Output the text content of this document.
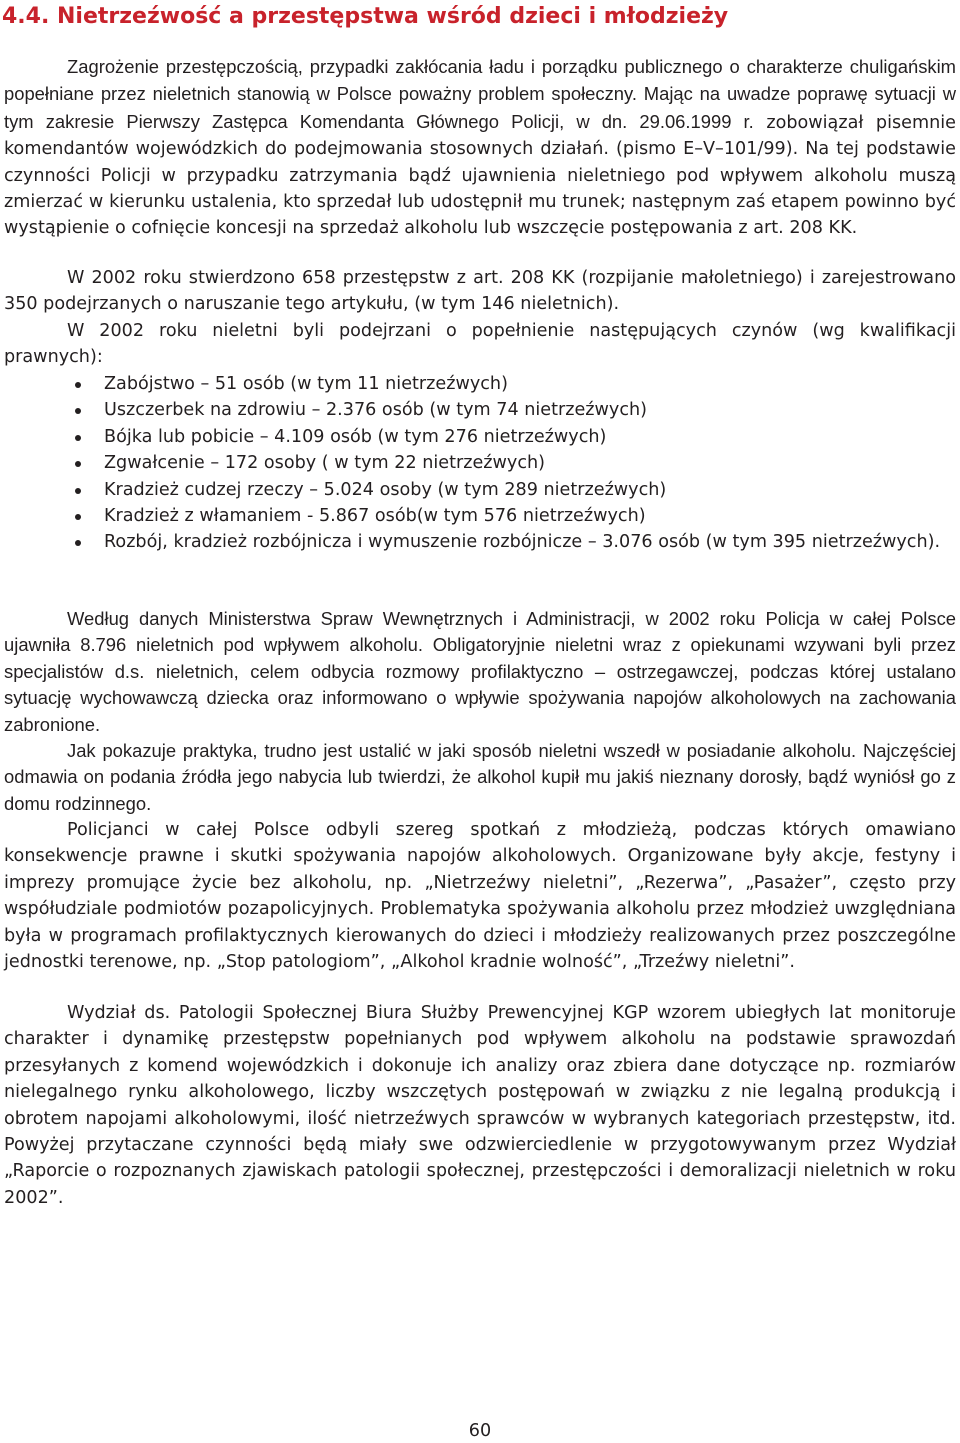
4.4. Nietrzeźwość a przestępstwa wśród dzieci i młodzieży

Zagrożenie przestępczością, przypadki zakłócania ładu i porządku publicznego o charakterze chuligańskim popełniane przez nieletnich stanowią w Polsce poważny problem społeczny. Mając na uwadze poprawę sytuacji w tym zakresie Pierwszy Zastępca Komendanta Głównego Policji, w dn. 29.06.1999 r. zobowiązał pisemnie komendantów wojewódzkich do podejmowania stosownych działań. (pismo E–V–101/99). Na tej podstawie czynności Policji w przypadku zatrzymania bądź ujawnienia nieletniego pod wpływem alkoholu muszą zmierzać w kierunku ustalenia, kto sprzedał lub udostępnił mu trunek; następnym zaś etapem powinno być wystąpienie o cofnięcie koncesji na sprzedaż alkoholu lub wszczęcie postępowania z art. 208 KK.

W 2002 roku stwierdzono 658 przestępstw z art. 208 KK (rozpijanie małoletniego) i zarejestrowano 350 podejrzanych o naruszanie tego artykułu, (w tym 146 nieletnich).

W 2002 roku nieletni byli podejrzani o popełnienie następujących czynów (wg kwalifikacji prawnych):

Zabójstwo – 51 osób (w tym 11 nietrzeźwych)
Uszczerbek na zdrowiu – 2.376 osób (w tym 74 nietrzeźwych)
Bójka lub pobicie – 4.109 osób (w tym 276 nietrzeźwych)
Zgwałcenie – 172 osoby ( w tym 22 nietrzeźwych)
Kradzież cudzej rzeczy – 5.024 osoby (w tym 289 nietrzeźwych)
Kradzież z włamaniem - 5.867 osób(w tym 576 nietrzeźwych)
Rozbój, kradzież rozbójnicza i wymuszenie rozbójnicze – 3.076 osób (w tym 395 nietrzeźwych).

Według danych Ministerstwa Spraw Wewnętrznych i Administracji, w 2002 roku Policja w całej Polsce ujawniła 8.796 nieletnich pod wpływem alkoholu. Obligatoryjnie nieletni wraz z opiekunami wzywani byli przez specjalistów d.s. nieletnich, celem odbycia rozmowy profilaktyczno – ostrzegawczej, podczas której ustalano sytuację wychowawczą dziecka oraz informowano o wpływie spożywania napojów alkoholowych na zachowania zabronione.

Jak pokazuje praktyka, trudno jest ustalić w jaki sposób nieletni wszedł w posiadanie alkoholu. Najczęściej odmawia on podania źródła jego nabycia lub twierdzi, że alkohol kupił mu jakiś nieznany dorosły, bądź wyniósł go z domu rodzinnego.

Policjanci w całej Polsce odbyli szereg spotkań z młodzieżą, podczas których omawiano konsekwencje prawne i skutki spożywania napojów alkoholowych. Organizowane były akcje, festyny i imprezy promujące życie bez alkoholu, np. „Nietrzeźwy nieletni”, „Rezerwa”, „Pasażer”, często przy współudziale podmiotów pozapolicyjnych. Problematyka spożywania alkoholu przez młodzież uwzględniana była w programach profilaktycznych kierowanych do dzieci i młodzieży realizowanych przez poszczególne jednostki terenowe, np. „Stop patologiom”, „Alkohol kradnie wolność”, „Trzeźwy nieletni”.

Wydział ds. Patologii Społecznej Biura Służby Prewencyjnej KGP wzorem ubiegłych lat monitoruje charakter i dynamikę przestępstw popełnianych pod wpływem alkoholu na podstawie sprawozdań przesyłanych z komend wojewódzkich i dokonuje ich analizy oraz zbiera dane dotyczące np. rozmiarów nielegalnego rynku alkoholowego, liczby wszczętych postępowań w związku z nie legalną produkcją i obrotem napojami alkoholowymi, ilość nietrzeźwych sprawców w wybranych kategoriach przestępstw, itd. Powyżej przytaczane czynności będą miały swe odzwierciedlenie w przygotowywanym przez Wydział „Raporcie o rozpoznanych zjawiskach patologii społecznej, przestępczości i demoralizacji nieletnich w roku 2002”.

60
